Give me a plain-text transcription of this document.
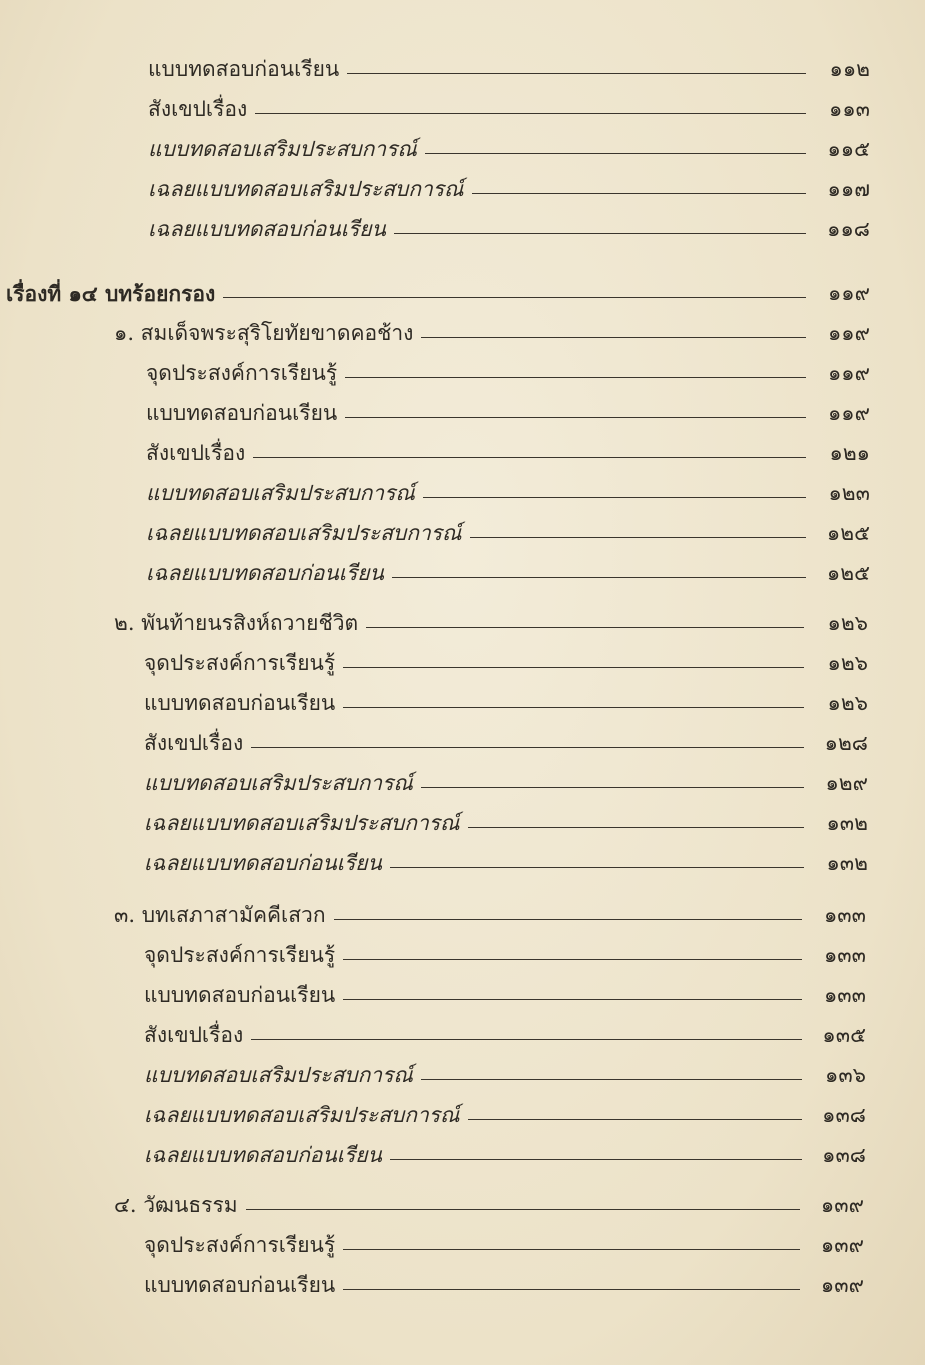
แบบทดสอบก่อนเรียน	๑๑๒
สังเขปเรื่อง	๑๑๓
แบบทดสอบเสริมประสบการณ์	๑๑๕
เฉลยแบบทดสอบเสริมประสบการณ์	๑๑๗
เฉลยแบบทดสอบก่อนเรียน	๑๑๘
เรื่องที่ ๑๔ บทร้อยกรอง	๑๑๙
๑. สมเด็จพระสุริโยทัยขาดคอช้าง	๑๑๙
จุดประสงค์การเรียนรู้	๑๑๙
แบบทดสอบก่อนเรียน	๑๑๙
สังเขปเรื่อง	๑๒๑
แบบทดสอบเสริมประสบการณ์	๑๒๓
เฉลยแบบทดสอบเสริมประสบการณ์	๑๒๕
เฉลยแบบทดสอบก่อนเรียน	๑๒๕
๒. พันท้ายนรสิงห์ถวายชีวิต	๑๒๖
จุดประสงค์การเรียนรู้	๑๒๖
แบบทดสอบก่อนเรียน	๑๒๖
สังเขปเรื่อง	๑๒๘
แบบทดสอบเสริมประสบการณ์	๑๒๙
เฉลยแบบทดสอบเสริมประสบการณ์	๑๓๒
เฉลยแบบทดสอบก่อนเรียน	๑๓๒
๓. บทเสภาสามัคคีเสวก	๑๓๓
จุดประสงค์การเรียนรู้	๑๓๓
แบบทดสอบก่อนเรียน	๑๓๓
สังเขปเรื่อง	๑๓๕
แบบทดสอบเสริมประสบการณ์	๑๓๖
เฉลยแบบทดสอบเสริมประสบการณ์	๑๓๘
เฉลยแบบทดสอบก่อนเรียน	๑๓๘
๔. วัฒนธรรม	๑๓๙
จุดประสงค์การเรียนรู้	๑๓๙
แบบทดสอบก่อนเรียน	๑๓๙
